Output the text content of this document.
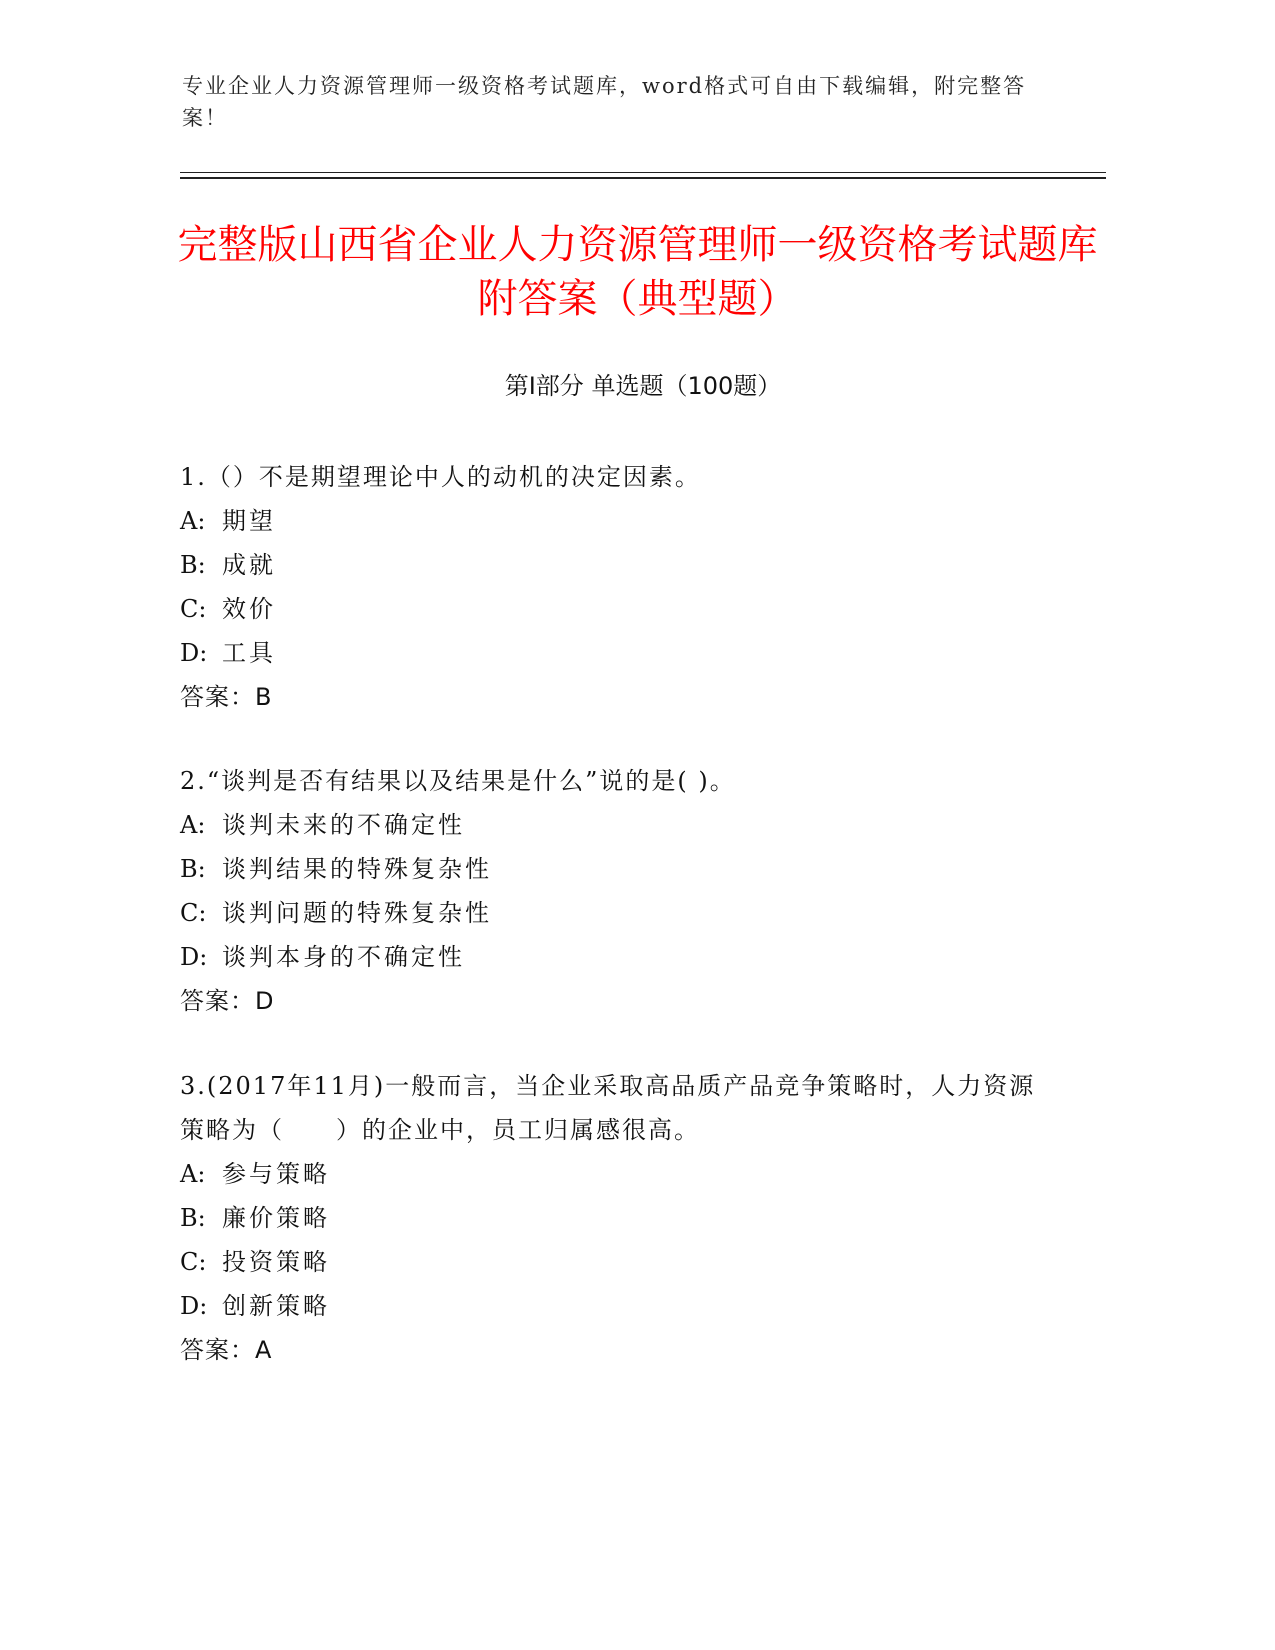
专业企业人力资源管理师一级资格考试题库，word格式可自由下载编辑，附完整答案！
完整版山西省企业人力资源管理师一级资格考试题库附答案（典型题）
第Ⅰ部分 单选题（100题）

1.（）不是期望理论中人的动机的决定因素。

A: 期望

B: 成就

C: 效价

D: 工具

答案：B

2.“谈判是否有结果以及结果是什么”说的是( )。

A: 谈判未来的不确定性

B: 谈判结果的特殊复杂性

C: 谈判问题的特殊复杂性

D: 谈判本身的不确定性

答案：D

3.(2017年11月)一般而言，当企业采取高品质产品竞争策略时，人力资源策略为（　　）的企业中，员工归属感很高。

A: 参与策略

B: 廉价策略

C: 投资策略

D: 创新策略

答案：A
